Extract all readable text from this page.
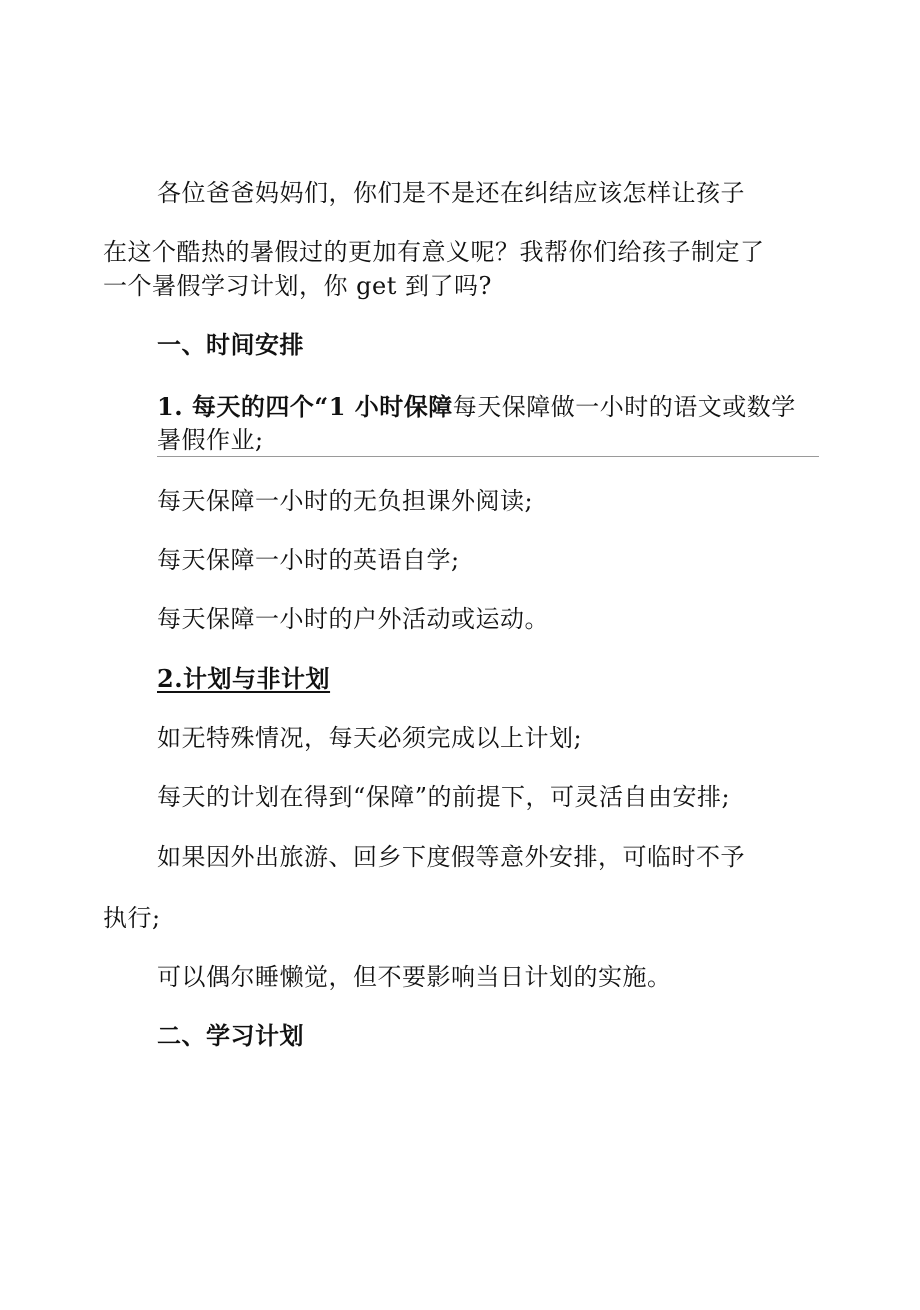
各位爸爸妈妈们，你们是不是还在纠结应该怎样让孩子
在这个酷热的暑假过的更加有意义呢？我帮你们给孩子制定了
一个暑假学习计划，你 get 到了吗?
一、时间安排
1. 每天的四个“1 小时保障每天保障做一小时的语文或数学
暑假作业;
每天保障一小时的无负担课外阅读;
每天保障一小时的英语自学;
每天保障一小时的户外活动或运动。
2.计划与非计划
如无特殊情况，每天必须完成以上计划;
每天的计划在得到“保障”的前提下，可灵活自由安排;
如果因外出旅游、回乡下度假等意外安排，可临时不予
执行;
可以偶尔睡懒觉，但不要影响当日计划的实施。
二、学习计划
